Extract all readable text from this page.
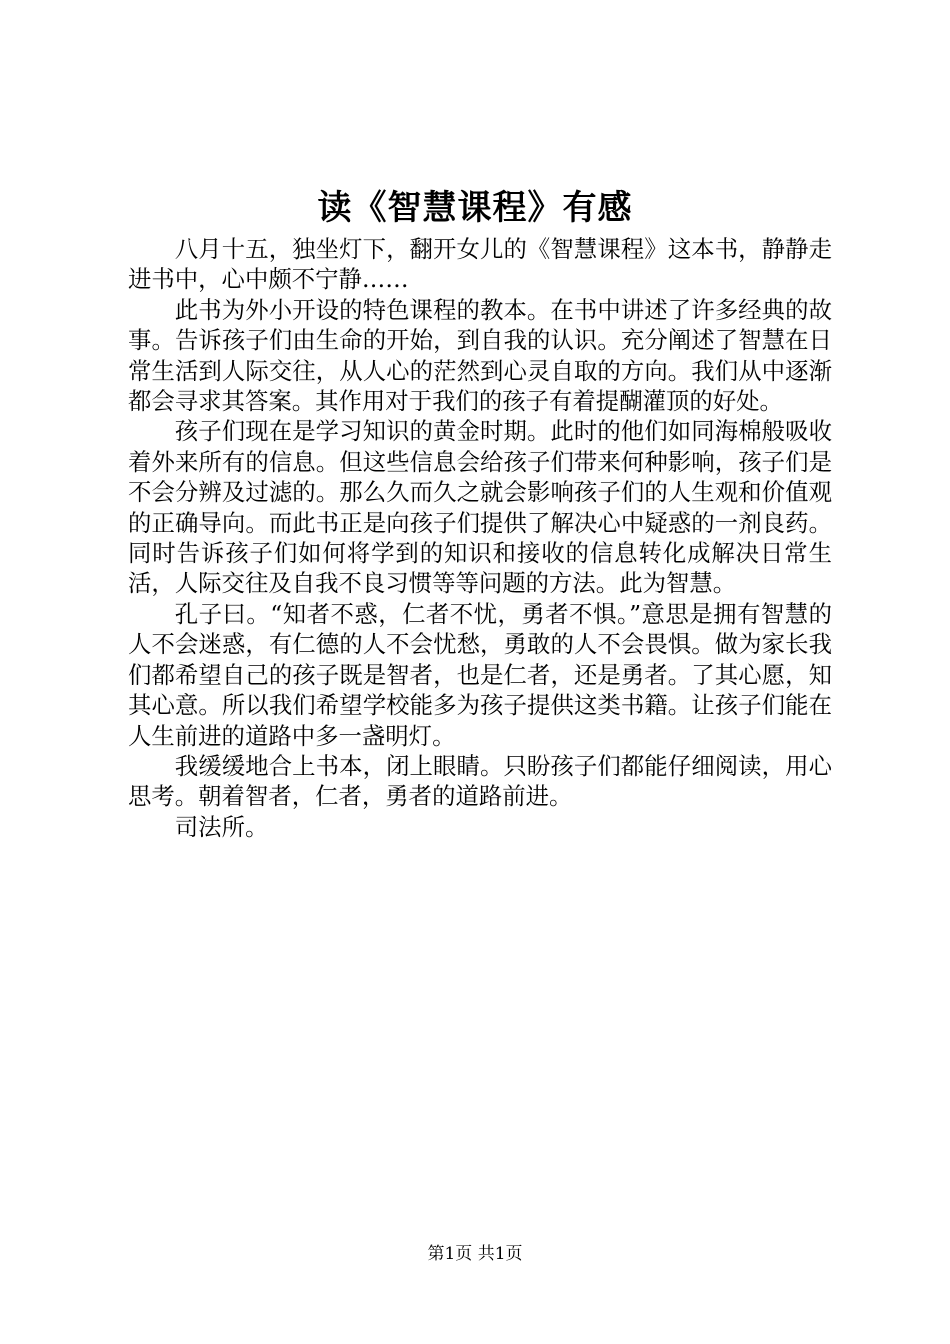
读《智慧课程》有感

八月十五，独坐灯下，翻开女儿的《智慧课程》这本书，静静走进书中，心中颇不宁静……

此书为外小开设的特色课程的教本。在书中讲述了许多经典的故事。告诉孩子们由生命的开始，到自我的认识。充分阐述了智慧在日常生活到人际交往，从人心的茫然到心灵自取的方向。我们从中逐渐都会寻求其答案。其作用对于我们的孩子有着提醐灌顶的好处。

孩子们现在是学习知识的黄金时期。此时的他们如同海棉般吸收着外来所有的信息。但这些信息会给孩子们带来何种影响，孩子们是不会分辨及过滤的。那么久而久之就会影响孩子们的人生观和价值观的正确导向。而此书正是向孩子们提供了解决心中疑惑的一剂良药。同时告诉孩子们如何将学到的知识和接收的信息转化成解决日常生活，人际交往及自我不良习惯等等问题的方法。此为智慧。

孔子曰。“知者不惑，仁者不忧，勇者不惧。”意思是拥有智慧的人不会迷惑，有仁德的人不会忧愁，勇敢的人不会畏惧。做为家长我们都希望自己的孩子既是智者，也是仁者，还是勇者。了其心愿，知其心意。所以我们希望学校能多为孩子提供这类书籍。让孩子们能在人生前进的道路中多一盏明灯。

我缓缓地合上书本，闭上眼睛。只盼孩子们都能仔细阅读，用心思考。朝着智者，仁者，勇者的道路前进。

司法所。

第1页 共1页
